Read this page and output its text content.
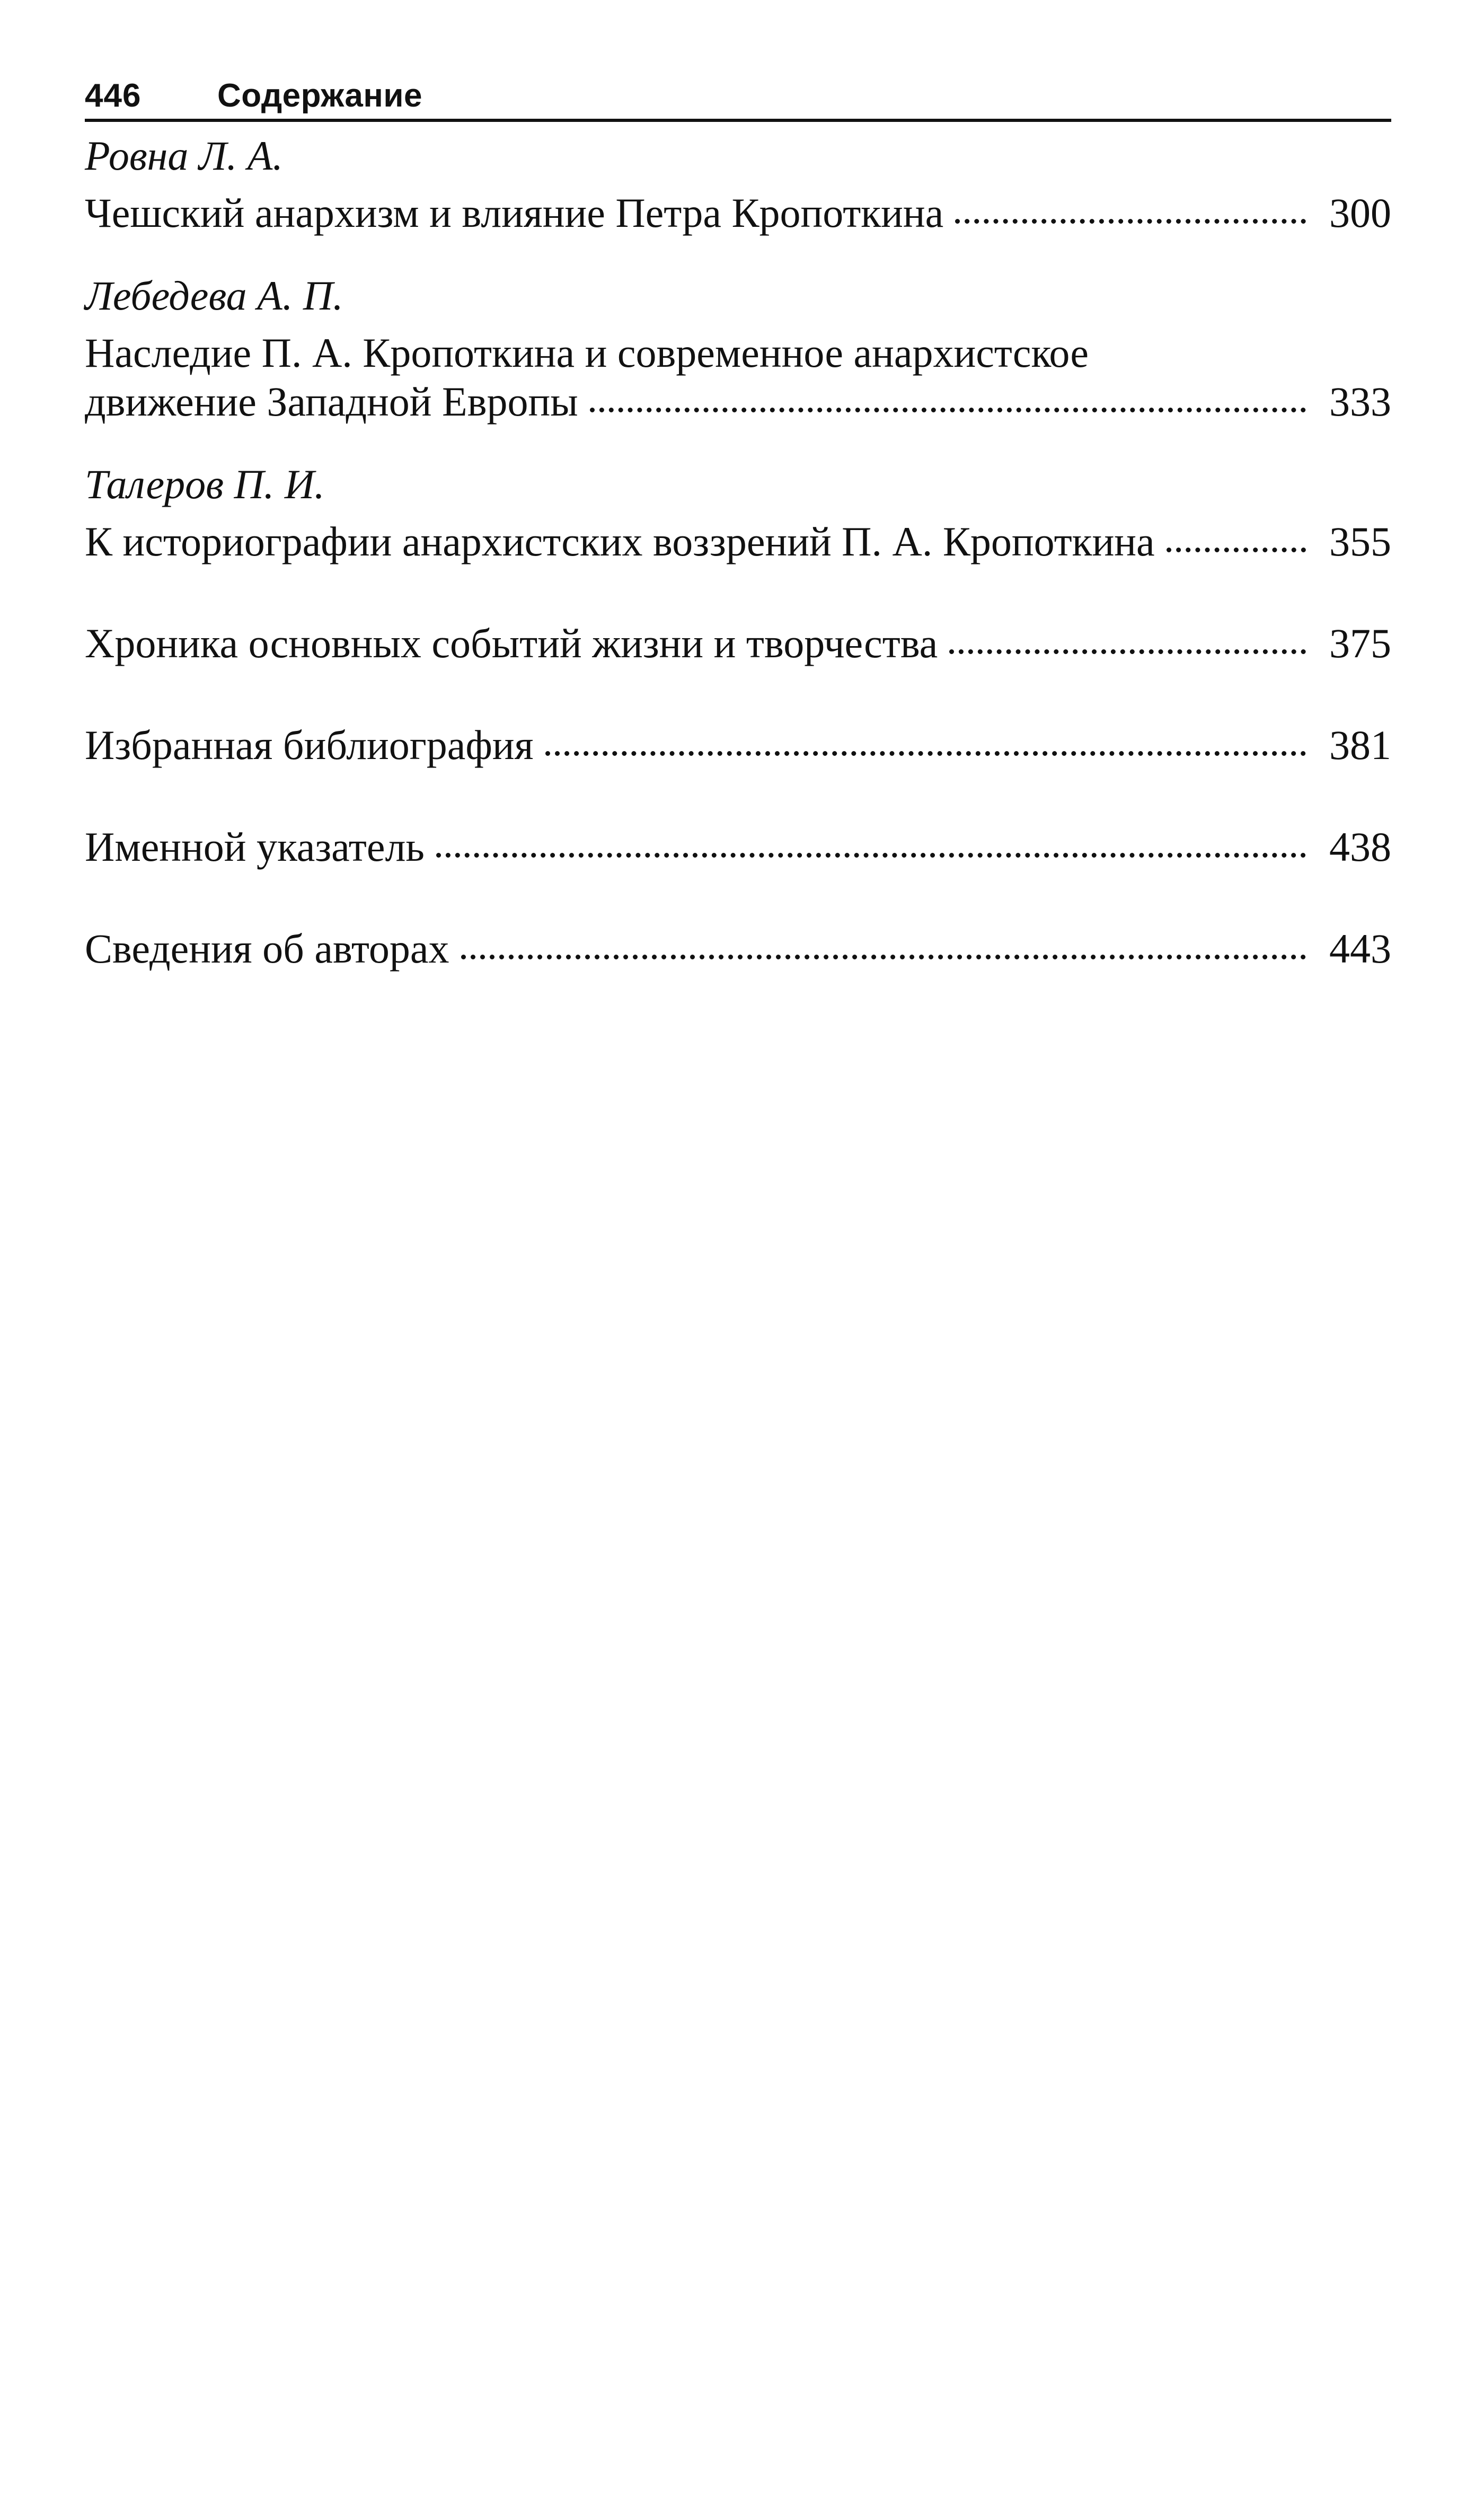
446	Содержание
Ровна Л. А.
Чешский анархизм и влияние Петра Кропоткина	300
Лебедева А. П.
Наследие П. А. Кропоткина и современное анархистское
движение Западной Европы	333
Талеров П. И.
К историографии анархистских воззрений П. А. Кропоткина	355
Хроника основных событий жизни и творчества	375
Избранная библиография	381
Именной указатель	438
Сведения об авторах	443
